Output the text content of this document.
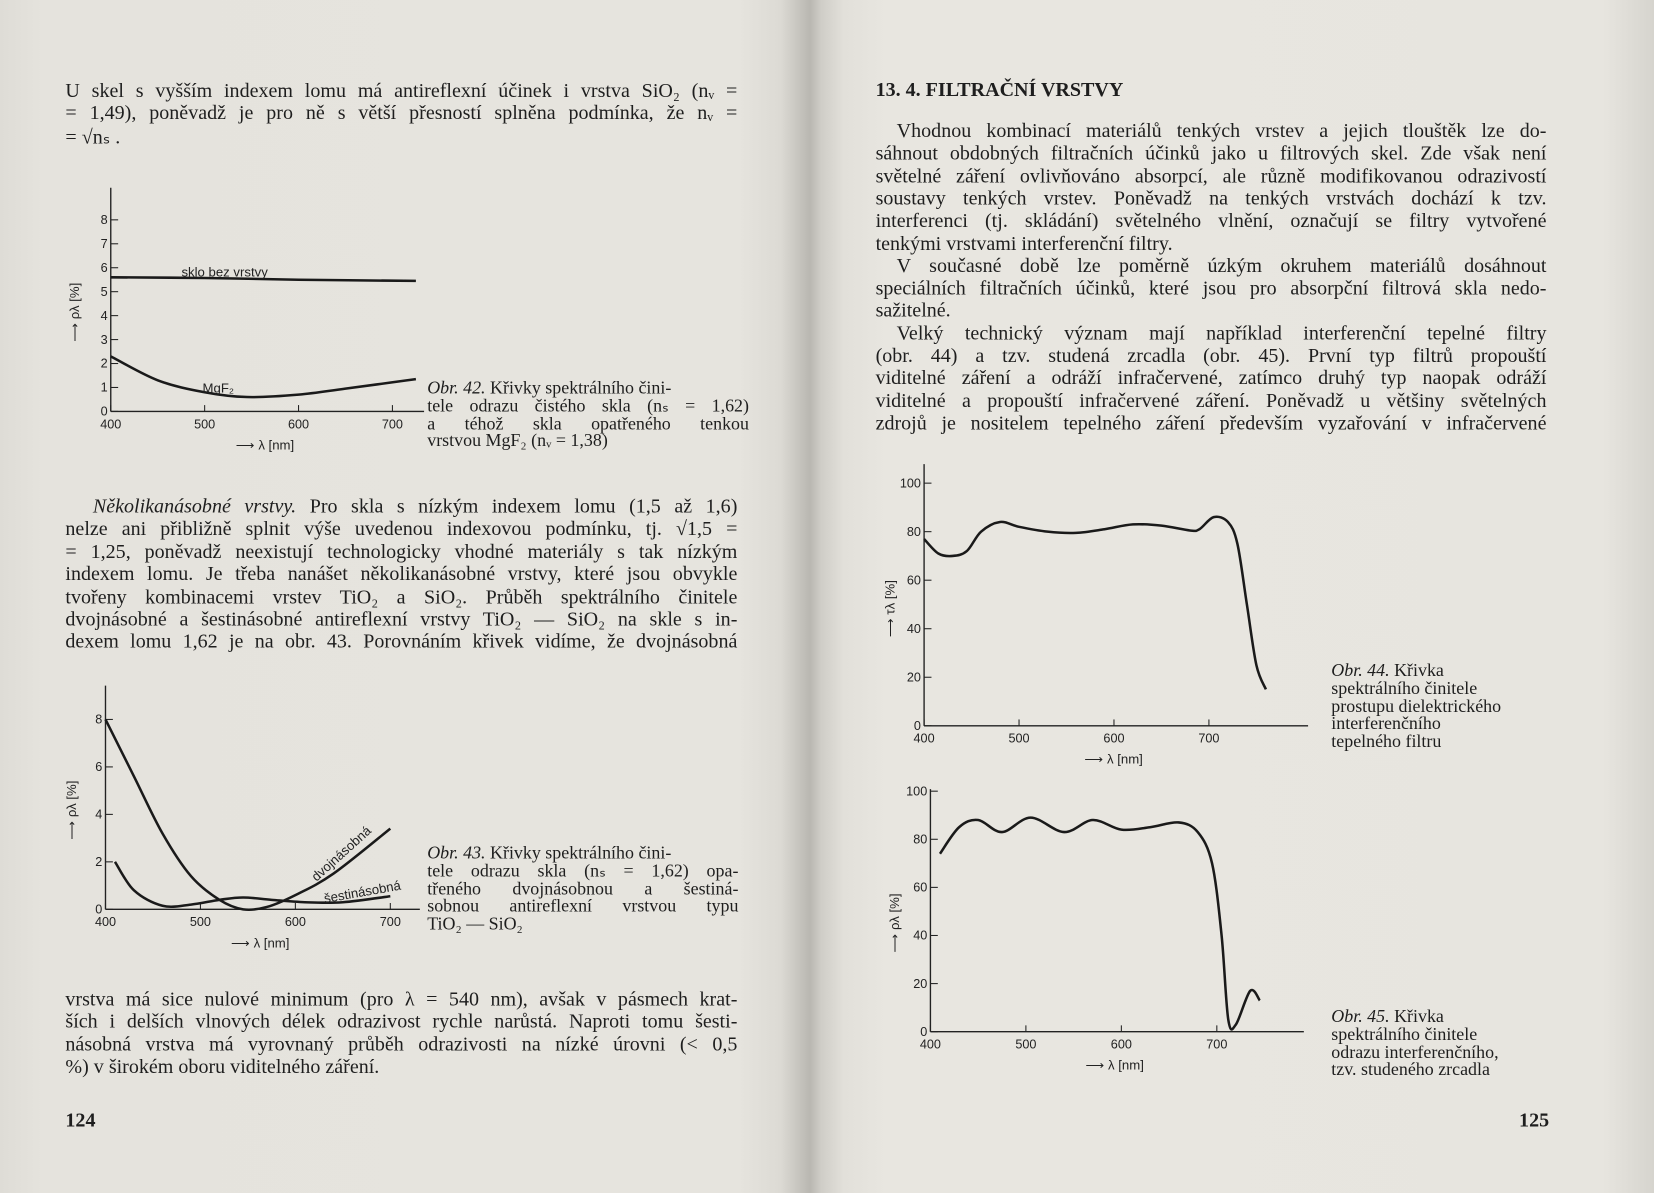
U skel s vyšším indexem lomu má antireflexní účinek i vrstva SiO₂ (nᵥ =
= 1,49), poněvadž je pro ně s větší přesností splněna podmínka, že nᵥ =
= √nₛ .
Několikanásobné vrstvy. Pro skla s nízkým indexem lomu (1,5 až 1,6)
nelze ani přibližně splnit výše uvedenou indexovou podmínku, tj. √1,5 =
= 1,25, poněvadž neexistují technologicky vhodné materiály s tak nízkým
indexem lomu. Je třeba nanášet několikanásobné vrstvy, které jsou obvykle
tvořeny kombinacemi vrstev TiO₂ a SiO₂. Průběh spektrálního činitele
dvojnásobné a šestinásobné antireflexní vrstvy TiO₂ — SiO₂ na skle s in-
dexem lomu 1,62 je na obr. 43. Porovnáním křivek vidíme, že dvojnásobná
vrstva má sice nulové minimum (pro λ = 540 nm), avšak v pásmech krat-
ších i delších vlnových délek odrazivost rychle narůstá. Naproti tomu šesti-
násobná vrstva má vyrovnaný průběh odrazivosti na nízké úrovni (< 0,5
%) v širokém oboru viditelného záření.
Obr. 42. Křivky spektrálního čini-
tele odrazu čistého skla (nₛ = 1,62)
a téhož skla opatřeného tenkou
vrstvou MgF₂ (nᵥ = 1,38)
Obr. 43. Křivky spektrálního čini-
tele odrazu skla (nₛ = 1,62) opa-
třeného dvojnásobnou a šestiná-
sobnou antireflexní vrstvou typu
TiO₂ — SiO₂
13. 4. FILTRAČNÍ VRSTVY
Obr. 44. Křivka
spektrálního činitele
prostupu dielektrického
interferenčního
tepelného filtru
Obr. 45. Křivka
spektrálního činitele
odrazu interferenčního,
tzv. studeného zrcadla
Vhodnou kombinací materiálů tenkých vrstev a jejich tlouštěk lze do-
sáhnout obdobných filtračních účinků jako u filtrových skel. Zde však není
světelné záření ovlivňováno absorpcí, ale různě modifikovanou odrazivostí
soustavy tenkých vrstev. Poněvadž na tenkých vrstvách dochází k tzv.
interferenci (tj. skládání) světelného vlnění, označují se filtry vytvořené
tenkými vrstvami interferenční filtry.
V současné době lze poměrně úzkým okruhem materiálů dosáhnout
speciálních filtračních účinků, které jsou pro absorpční filtrová skla nedo-
sažitelné.
Velký technický význam mají například interferenční tepelné filtry
(obr. 44) a tzv. studená zrcadla (obr. 45). První typ filtrů propouští
viditelné záření a odráží infračervené, zatímco druhý typ naopak odráží
viditelné a propouští infračervené záření. Poněvadž u většiny světelných
zdrojů je nositelem tepelného záření především vyzařování v infračervené
124	125
0
1
2
3
4
5
6
7
8
400	500	600	700
⟶ λ [nm]
⟶ ρλ [%]
sklo bez vrstvy
MgF₂
0
2
4
6
8
400	500	600	700
⟶ λ [nm]
⟶ ρλ [%]
dvojnásobná
šestinásobná
0
20
40
60
80
100
400	500	600	700
⟶ λ [nm]
⟶ τλ [%]
0
20
40
60
80
100
400	500	600	700
⟶ λ [nm]
⟶ ρλ [%]
